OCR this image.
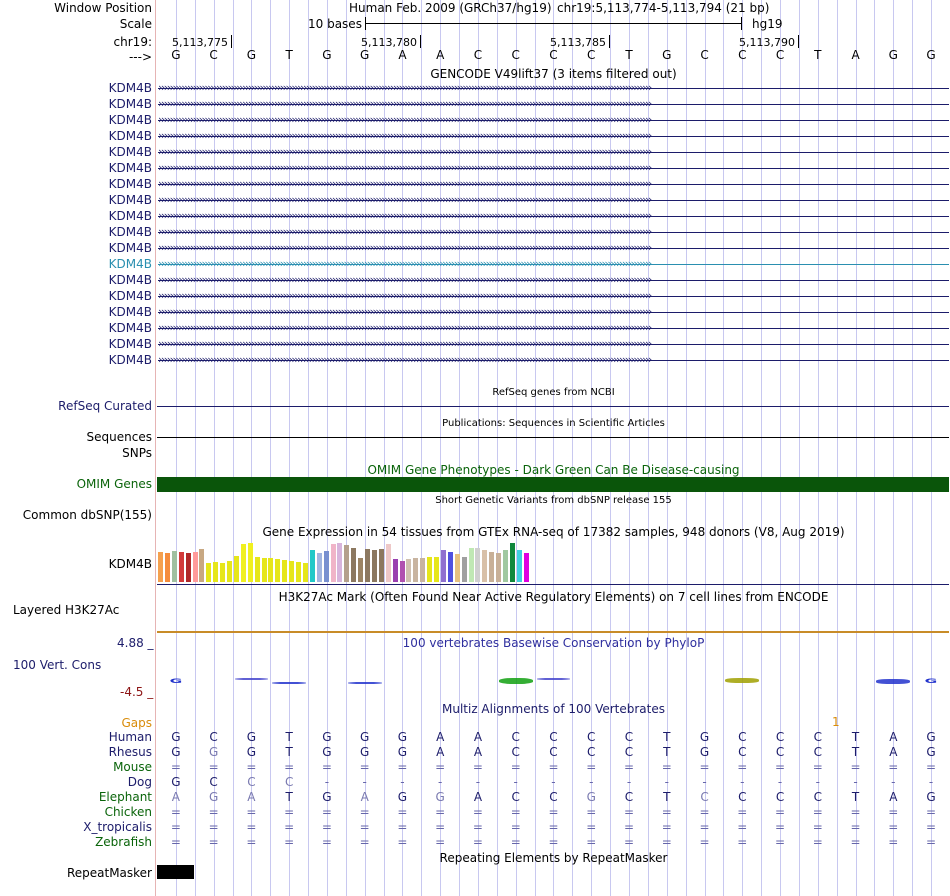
Window Position	Human Feb. 2009 (GRCh37/hg19) chr19:5,113,774-5,113,794 (21 bp)
Scale	10 bases	hg19
chr19: 5,113,775	5,113,780	5,113,785	5,113,790
--->	G	C	G	T	G	G	A	A	C	C	C	C	T	G	C	C	C	T	A	G	G
GENCODE V49lift37 (3 items filtered out)
KDM4B ››››››››››››››››››››››››››››››››››››››››››››››››››››››››››››››››››››››››››››››››››››››››››››››››››››››››››››››››››››››››››››››››››››››››››››››››››››››››››››››››››››››››››
KDM4B ››››››››››››››››››››››››››››››››››››››››››››››››››››››››››››››››››››››››››››››››››››››››››››››››››››››››››››››››››››››››››››››››››››››››››››››››››››››››››››››››››››››››››
KDM4B ››››››››››››››››››››››››››››››››››››››››››››››››››››››››››››››››››››››››››››››››››››››››››››››››››››››››››››››››››››››››››››››››››››››››››››››››››››››››››››››››››››››››››
KDM4B ››››››››››››››››››››››››››››››››››››››››››››››››››››››››››››››››››››››››››››››››››››››››››››››››››››››››››››››››››››››››››››››››››››››››››››››››››››››››››››››››››››››››››
KDM4B ››››››››››››››››››››››››››››››››››››››››››››››››››››››››››››››››››››››››››››››››››››››››››››››››››››››››››››››››››››››››››››››››››››››››››››››››››››››››››››››››››››››››››
KDM4B ››››››››››››››››››››››››››››››››››››››››››››››››››››››››››››››››››››››››››››››››››››››››››››››››››››››››››››››››››››››››››››››››››››››››››››››››››››››››››››››››››››››››››
KDM4B ››››››››››››››››››››››››››››››››››››››››››››››››››››››››››››››››››››››››››››››››››››››››››››››››››››››››››››››››››››››››››››››››››››››››››››››››››››››››››››››››››››››››››
KDM4B ››››››››››››››››››››››››››››››››››››››››››››››››››››››››››››››››››››››››››››››››››››››››››››››››››››››››››››››››››››››››››››››››››››››››››››››››››››››››››››››››››››››››››
KDM4B ››››››››››››››››››››››››››››››››››››››››››››››››››››››››››››››››››››››››››››››››››››››››››››››››››››››››››››››››››››››››››››››››››››››››››››››››››››››››››››››››››››››››››
KDM4B ››››››››››››››››››››››››››››››››››››››››››››››››››››››››››››››››››››››››››››››››››››››››››››››››››››››››››››››››››››››››››››››››››››››››››››››››››››››››››››››››››››››››››
KDM4B ››››››››››››››››››››››››››››››››››››››››››››››››››››››››››››››››››››››››››››››››››››››››››››››››››››››››››››››››››››››››››››››››››››››››››››››››››››››››››››››››››››››››››
KDM4B ››››››››››››››››››››››››››››››››››››››››››››››››››››››››››››››››››››››››››››››››››››››››››››››››››››››››››››››››››››››››››››››››››››››››››››››››››››››››››››››››››››››››››
KDM4B ››››››››››››››››››››››››››››››››››››››››››››››››››››››››››››››››››››››››››››››››››››››››››››››››››››››››››››››››››››››››››››››››››››››››››››››››››››››››››››››››››››››››››
KDM4B ››››››››››››››››››››››››››››››››››››››››››››››››››››››››››››››››››››››››››››››››››››››››››››››››››››››››››››››››››››››››››››››››››››››››››››››››››››››››››››››››››››››››››
KDM4B ››››››››››››››››››››››››››››››››››››››››››››››››››››››››››››››››››››››››››››››››››››››››››››››››››››››››››››››››››››››››››››››››››››››››››››››››››››››››››››››››››››››››››
KDM4B ››››››››››››››››››››››››››››››››››››››››››››››››››››››››››››››››››››››››››››››››››››››››››››››››››››››››››››››››››››››››››››››››››››››››››››››››››››››››››››››››››››››››››
KDM4B ››››››››››››››››››››››››››››››››››››››››››››››››››››››››››››››››››››››››››››››››››››››››››››››››››››››››››››››››››››››››››››››››››››››››››››››››››››››››››››››››››››››››››
KDM4B ››››››››››››››››››››››››››››››››››››››››››››››››››››››››››››››››››››››››››››››››››››››››››››››››››››››››››››››››››››››››››››››››››››››››››››››››››››››››››››››››››››››››››
RefSeq genes from NCBI
RefSeq Curated
Publications: Sequences in Scientific Articles
Sequences
SNPs
OMIM Gene Phenotypes - Dark Green Can Be Disease-causing
OMIM Genes
Short Genetic Variants from dbSNP release 155
Common dbSNP(155)
Gene Expression in 54 tissues from GTEx RNA-seq of 17382 samples, 948 donors (V8, Aug 2019)
KDM4B
H3K27Ac Mark (Often Found Near Active Regulatory Elements) on 7 cell lines from ENCODE
Layered H3K27Ac
100 vertebrates Basewise Conservation by PhyloP
4.88 _
100 Vert. Cons
-4.5 _
G	G
Multiz Alignments of 100 Vertebrates
Gaps	1
Human	G	C	G	T	G	G	G	A	A	C	C	C	C	T	G	C	C	C	T	A	G
Rhesus	G	G	G	T	G	G	G	A	A	C	C	C	C	T	G	C	C	C	T	A	G
Mouse	=	=	=	=	=	=	=	=	=	=	=	=	=	=	=	=	=	=	=	=	=
Dog	G	C	C	C	-	-	-	-	-	-	-	-	-	-	-	-	-	-	-	-	-
Elephant	A	G	A	T	G	A	G	G	A	C	C	G	C	T	C	C	C	C	T	A	G
Chicken	=	=	=	=	=	=	=	=	=	=	=	=	=	=	=	=	=	=	=	=	=
X_tropicalis	=	=	=	=	=	=	=	=	=	=	=	=	=	=	=	=	=	=	=	=	=
Zebrafish	=	=	=	=	=	=	=	=	=	=	=	=	=	=	=	=	=	=	=	=	=
Repeating Elements by RepeatMasker
RepeatMasker
